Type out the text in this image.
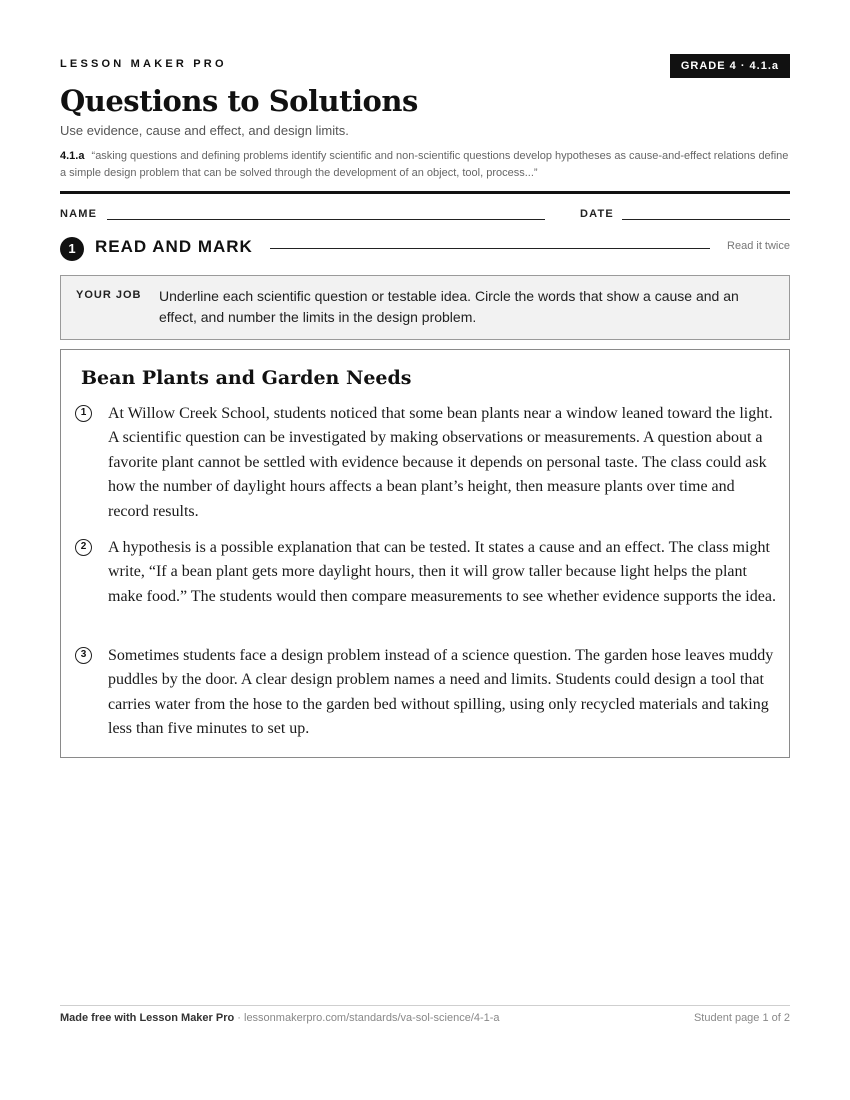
LESSON MAKER PRO	GRADE 4 · 4.1.a
Questions to Solutions
Use evidence, cause and effect, and design limits.
4.1.a “asking questions and defining problems identify scientific and non-scientific questions develop hypotheses as cause-and-effect relations define a simple design problem that can be solved through the development of an object, tool, process...”
NAME	DATE
1	READ AND MARK	Read it twice
YOUR JOB Underline each scientific question or testable idea. Circle the words that show a cause and an effect, and number the limits in the design problem.
Bean Plants and Garden Needs
1	At Willow Creek School, students noticed that some bean plants near a window leaned toward the light. A scientific question can be investigated by making observations or measurements. A question about a favorite plant cannot be settled with evidence because it depends on personal taste. The class could ask how the number of daylight hours affects a bean plant’s height, then measure plants over time and record results.
2	A hypothesis is a possible explanation that can be tested. It states a cause and an effect. The class might write, “If a bean plant gets more daylight hours, then it will grow taller because light helps the plant make food.” The students would then compare measurements to see whether evidence supports the idea.
3	Sometimes students face a design problem instead of a science question. The garden hose leaves muddy puddles by the door. A clear design problem names a need and limits. Students could design a tool that carries water from the hose to the garden bed without spilling, using only recycled materials and taking less than five minutes to set up.
Made free with Lesson Maker Pro · lessonmakerpro.com/standards/va-sol-science/4-1-a	Student page 1 of 2
